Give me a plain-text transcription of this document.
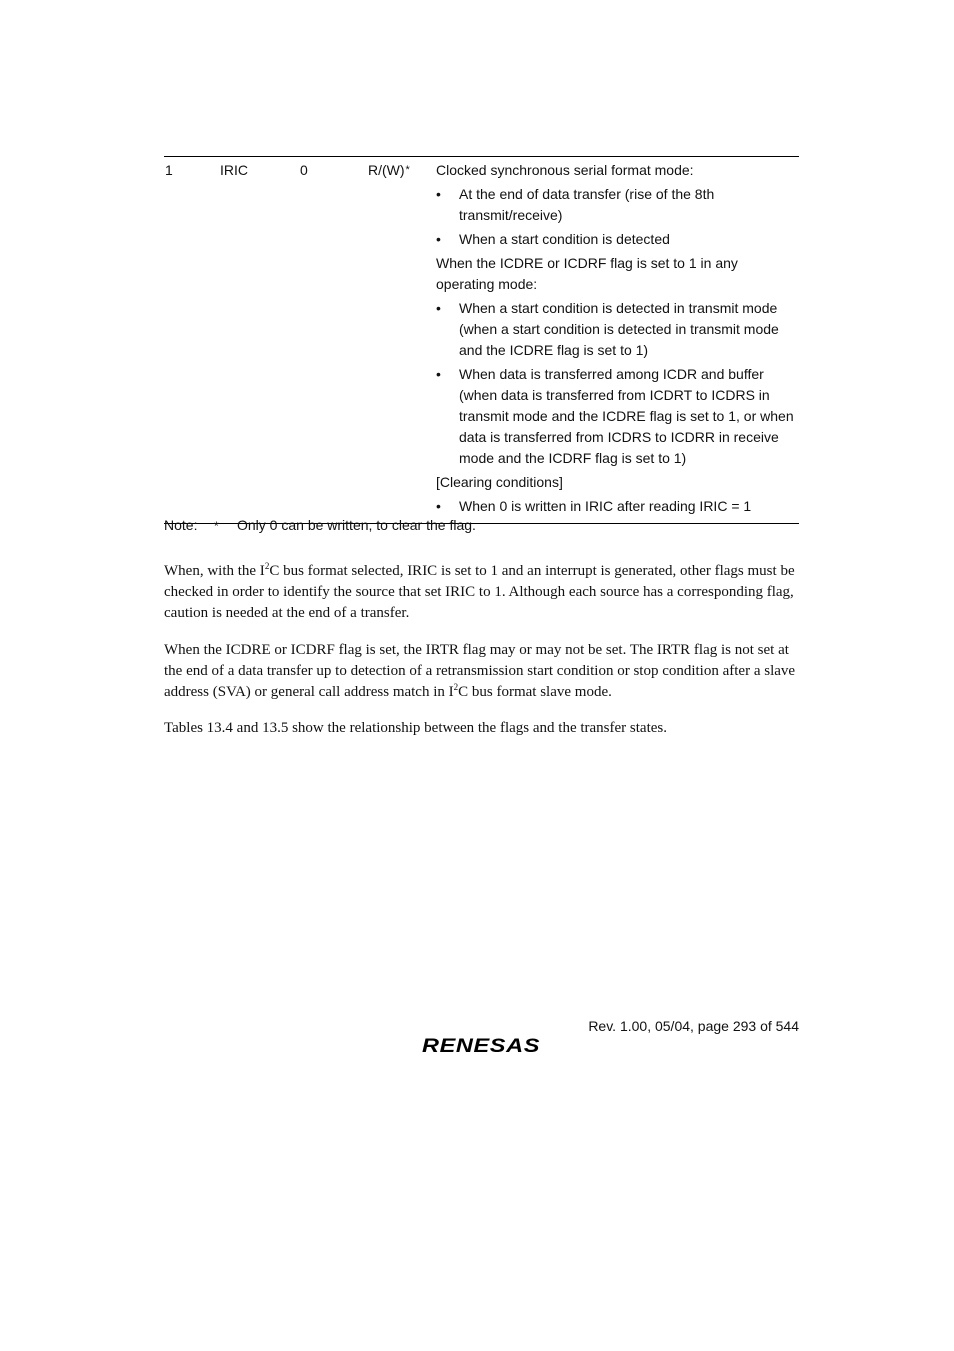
1	IRIC	0	R/(W)* Clocked synchronous serial format mode:
• At the end of data transfer (rise of the 8th transmit/receive)
• When a start condition is detected
When the ICDRE or ICDRF flag is set to 1 in any operating mode:
• When a start condition is detected in transmit mode (when a start condition is detected in transmit mode and the ICDRE flag is set to 1)
• When data is transferred among ICDR and buffer (when data is transferred from ICDRT to ICDRS in transmit mode and the ICDRE flag is set to 1, or when data is transferred from ICDRS to ICDRR in receive mode and the ICDRF flag is set to 1)
[Clearing conditions]
• When 0 is written in IRIC after reading IRIC = 1
Note: * Only 0 can be written, to clear the flag.

When, with the $I^2C$ bus format selected, IRIC is set to 1 and an interrupt is generated, other flags must be checked in order to identify the source that set IRIC to 1. Although each source has a corresponding flag, caution is needed at the end of a transfer.

When the ICDRE or ICDRF flag is set, the IRTR flag may or may not be set. The IRTR flag is not set at the end of a data transfer up to detection of a retransmission start condition or stop condition after a slave address (SVA) or general call address match in $I^2C$ bus format slave mode.

Tables 13.4 and 13.5 show the relationship between the flags and the transfer states.

Rev. 1.00, 05/04, page 293 of 544
RENESAS
